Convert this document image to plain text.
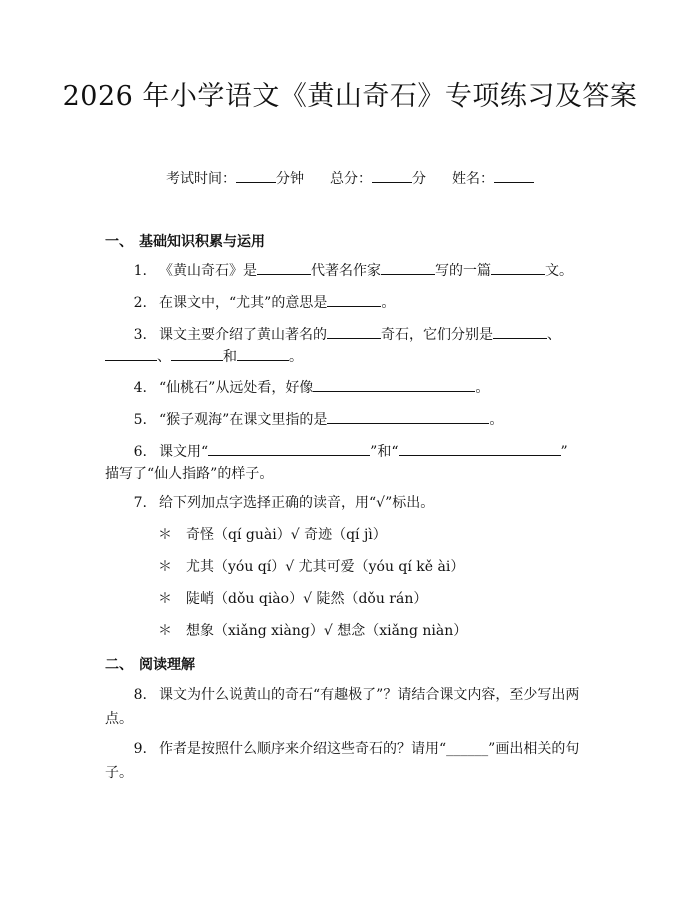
2026 年小学语文《黄山奇石》专项练习及答案
考试时间：	分钟 总分：	分 姓名：
一、 基础知识积累与运用
1. 《黄山奇石》是	代著名作家	写的一篇	文。
2. 在课文中，“尤其”的意思是	。
3. 课文主要介绍了黄山著名的	奇石，它们分别是	、
、	和	。
4. “仙桃石”从远处看，好像	。
5. “猴子观海”在课文里指的是	。
6. 课文用“	”和“	”
描写了“仙人指路”的样子。
7. 给下列加点字选择正确的读音，用“√”标出。
＊ 奇怪（qí guài）√ 奇迹（qí jì）
＊ 尤其（yóu qí）√ 尤其可爱（yóu qí kě ài）
＊ 陡峭（dǒu qiào）√ 陡然（dǒu rán）
＊ 想象（xiǎng xiàng）√ 想念（xiǎng niàn）
二、 阅读理解
8. 课文为什么说黄山的奇石“有趣极了”？请结合课文内容，至少写出两点。
9. 作者是按照什么顺序来介绍这些奇石的？请用“______”画出相关的句子。
